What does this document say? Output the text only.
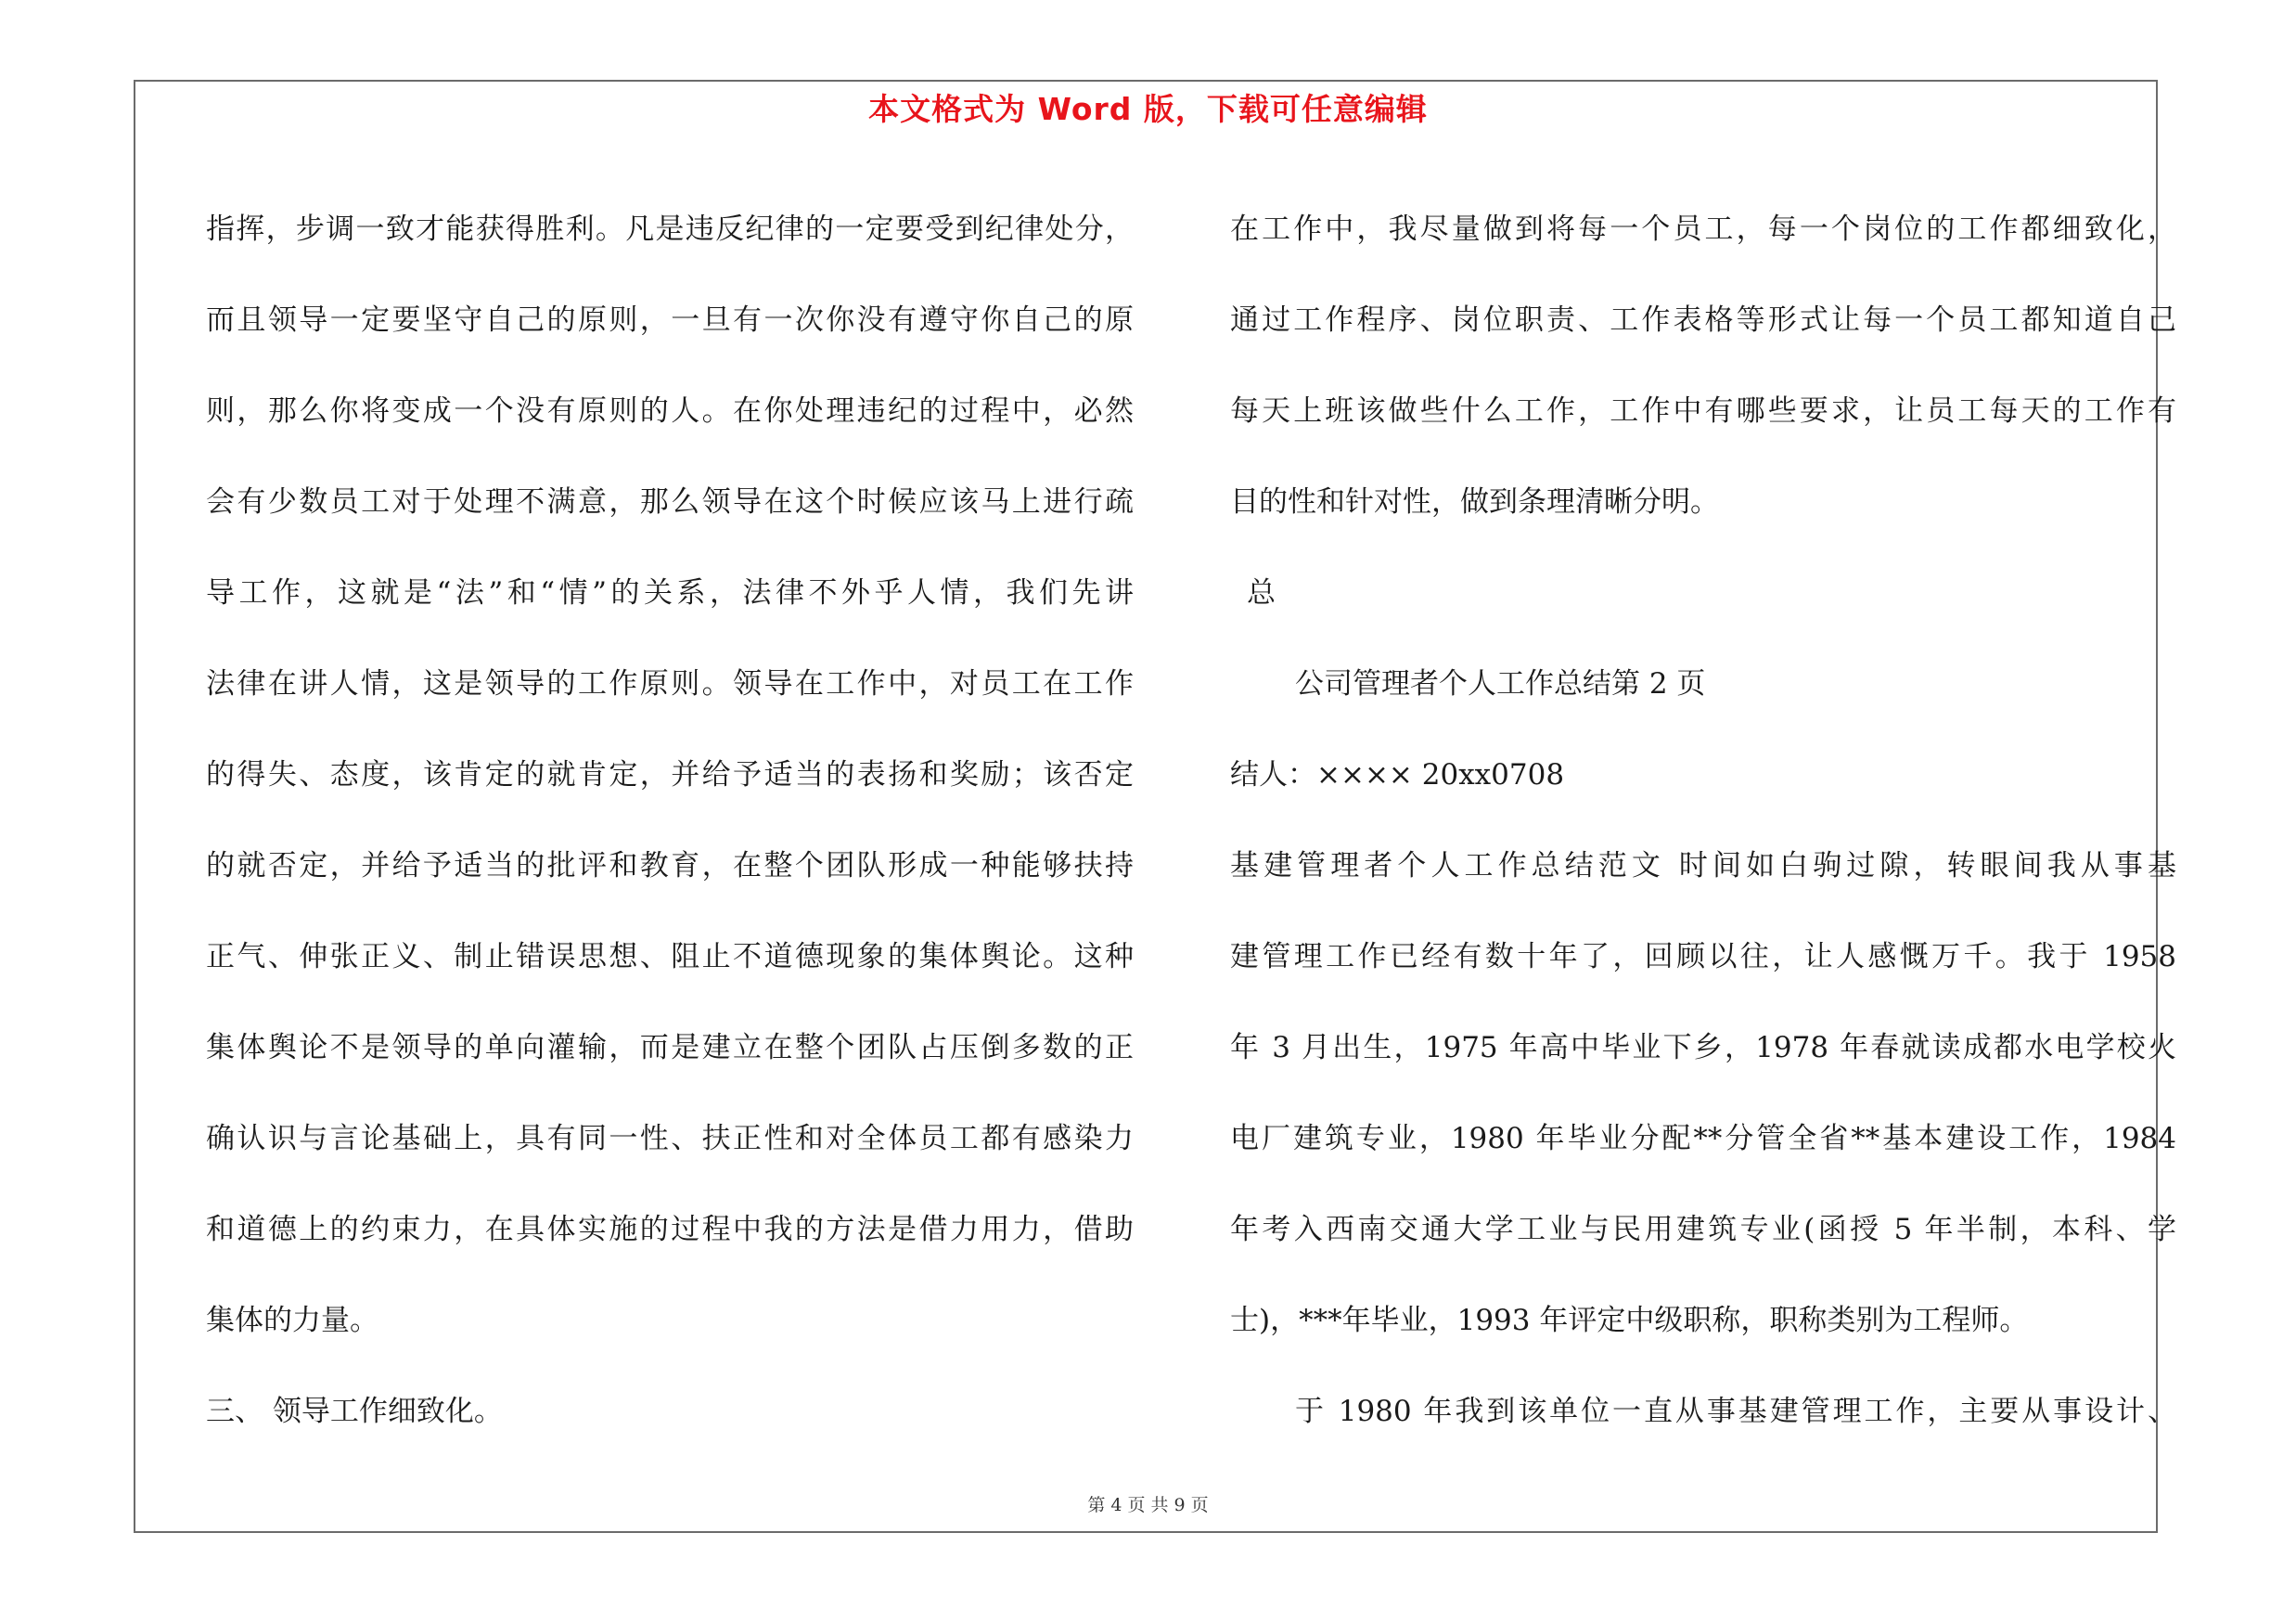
本文格式为 Word 版，下载可任意编辑
指挥，步调一致才能获得胜利。凡是违反纪律的一定要受到纪律处分，
而且领导一定要坚守自己的原则，一旦有一次你没有遵守你自己的原
则，那么你将变成一个没有原则的人。在你处理违纪的过程中，必然
会有少数员工对于处理不满意，那么领导在这个时候应该马上进行疏
导工作，这就是“法”和“情”的关系，法律不外乎人情，我们先讲
法律在讲人情，这是领导的工作原则。领导在工作中，对员工在工作
的得失、态度，该肯定的就肯定，并给予适当的表扬和奖励；该否定
的就否定，并给予适当的批评和教育，在整个团队形成一种能够扶持
正气、伸张正义、制止错误思想、阻止不道德现象的集体舆论。这种
集体舆论不是领导的单向灌输，而是建立在整个团队占压倒多数的正
确认识与言论基础上，具有同一性、扶正性和对全体员工都有感染力
和道德上的约束力，在具体实施的过程中我的方法是借力用力，借助
集体的力量。
三、 领导工作细致化。
在工作中，我尽量做到将每一个员工，每一个岗位的工作都细致化，
通过工作程序、岗位职责、工作表格等形式让每一个员工都知道自己
每天上班该做些什么工作，工作中有哪些要求，让员工每天的工作有
目的性和针对性，做到条理清晰分明。
总
公司管理者个人工作总结第 2 页
结人：×××× 20xx0708
基建管理者个人工作总结范文 时间如白驹过隙，转眼间我从事基
建管理工作已经有数十年了，回顾以往，让人感慨万千。我于 1958
年 3 月出生，1975 年高中毕业下乡，1978 年春就读成都水电学校火
电厂建筑专业，1980 年毕业分配**分管全省**基本建设工作，1984
年考入西南交通大学工业与民用建筑专业(函授 5 年半制，本科、学
士)，***年毕业，1993 年评定中级职称，职称类别为工程师。
于 1980 年我到该单位一直从事基建管理工作，主要从事设计、
第 4 页 共 9 页
